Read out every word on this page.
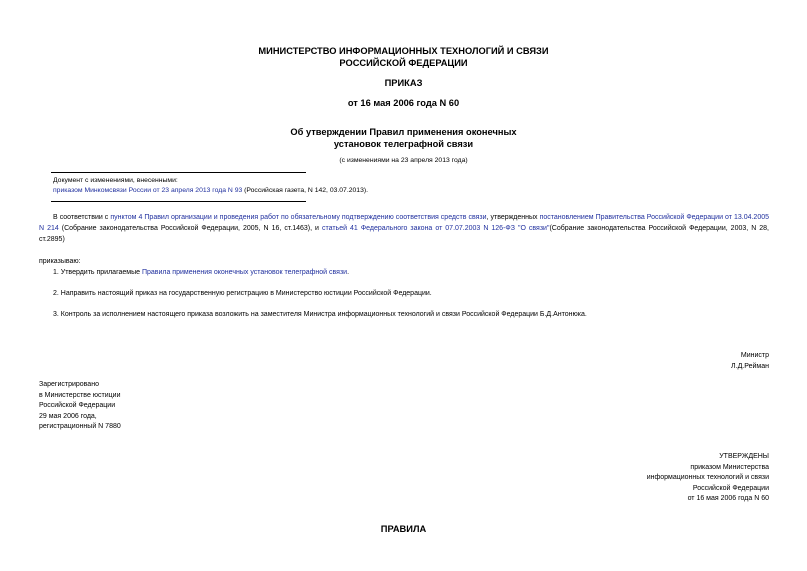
МИНИСТЕРСТВО ИНФОРМАЦИОННЫХ ТЕХНОЛОГИЙ И СВЯЗИ
РОССИЙСКОЙ ФЕДЕРАЦИИ
ПРИКАЗ
от 16 мая 2006 года N 60
Об утверждении Правил применения оконечных
установок телеграфной связи
(с изменениями на 23 апреля 2013 года)
Документ с изменениями, внесенными:
приказом Минкомсвязи России от 23 апреля 2013 года N 93 (Российская газета, N 142, 03.07.2013).
В соответствии с пунктом 4 Правил организации и проведения работ по обязательному подтверждению соответствия средств связи, утвержденных постановлением Правительства Российской Федерации от 13.04.2005 N 214 (Собрание законодательства Российской Федерации, 2005, N 16, ст.1463), и статьей 41 Федерального закона от 07.07.2003 N 126-ФЗ "О связи"(Собрание законодательства Российской Федерации, 2003, N 28, ст.2895)
приказываю:
1. Утвердить прилагаемые Правила применения оконечных установок телеграфной связи.
2. Направить настоящий приказ на государственную регистрацию в Министерство юстиции Российской Федерации.
3. Контроль за исполнением настоящего приказа возложить на заместителя Министра информационных технологий и связи Российской Федерации Б.Д.Антонюка.
Министр
Л.Д.Рейман
Зарегистрировано
в Министерстве юстиции
Российской Федерации
29 мая 2006 года,
регистрационный N 7880
УТВЕРЖДЕНЫ
приказом Министерства
информационных технологий и связи
Российской Федерации
от 16 мая 2006 года N 60
ПРАВИЛА
